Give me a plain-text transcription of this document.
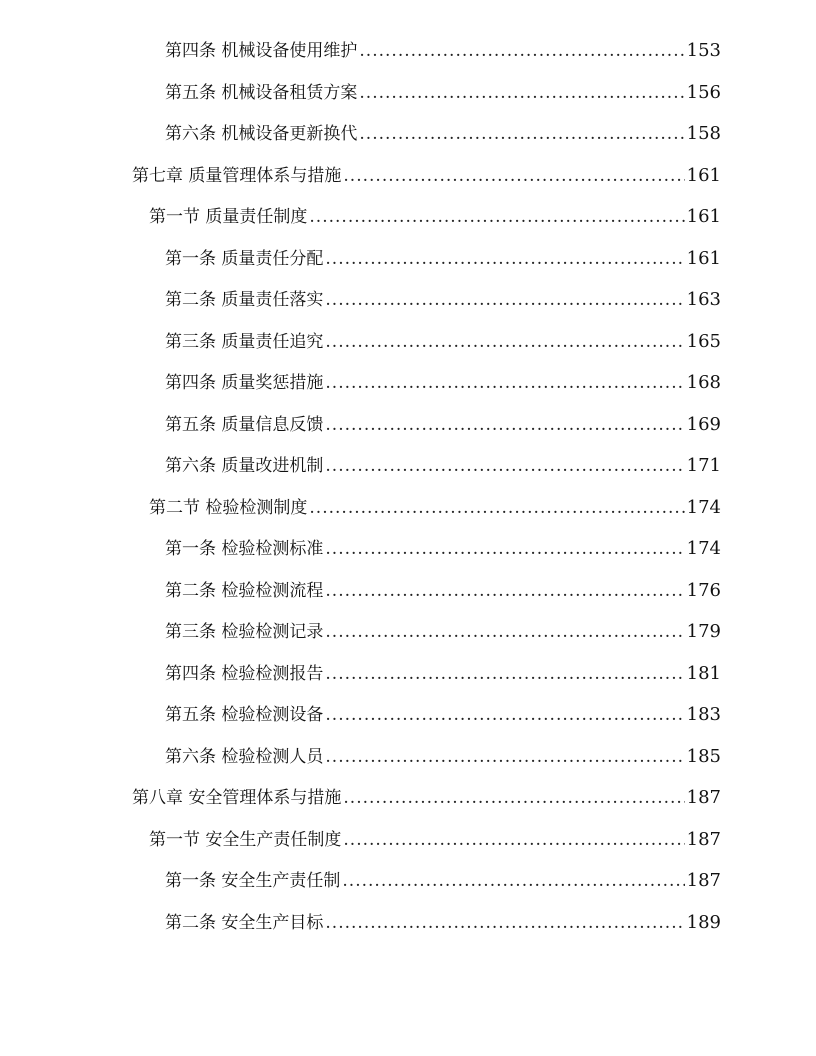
第四条 机械设备使用维护 .....	153
第五条 机械设备租赁方案 .....	156
第六条 机械设备更新换代 .....	158
第七章 质量管理体系与措施 .....	161
第一节 质量责任制度 .....	161
第一条 质量责任分配 .....	161
第二条 质量责任落实 .....	163
第三条 质量责任追究 .....	165
第四条 质量奖惩措施 .....	168
第五条 质量信息反馈 .....	169
第六条 质量改进机制 .....	171
第二节 检验检测制度 .....	174
第一条 检验检测标准 .....	174
第二条 检验检测流程 .....	176
第三条 检验检测记录 .....	179
第四条 检验检测报告 .....	181
第五条 检验检测设备 .....	183
第六条 检验检测人员 .....	185
第八章 安全管理体系与措施 .....	187
第一节 安全生产责任制度 .....	187
第一条 安全生产责任制 .....	187
第二条 安全生产目标 .....	189
